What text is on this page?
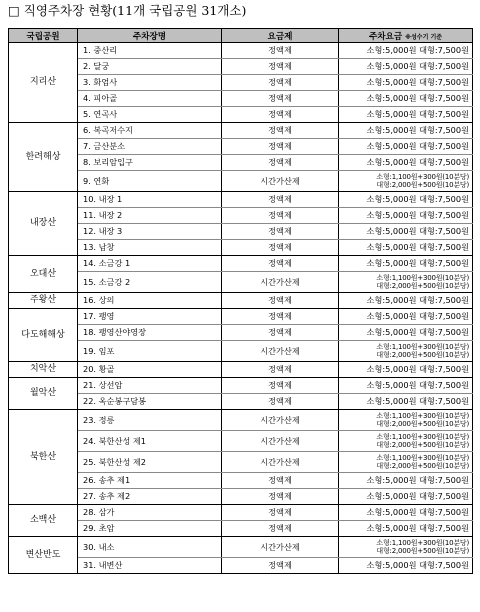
□ 직영주차장 현황(11개 국립공원 31개소)
국립공원	주차장명	요금제	주차요금 ※성수기 기준
지리산	1. 중산리	정액제	소형:5,000원 대형:7,500원
	2. 달궁	정액제	소형:5,000원 대형:7,500원
	3. 화엄사	정액제	소형:5,000원 대형:7,500원
	4. 피아골	정액제	소형:5,000원 대형:7,500원
	5. 연곡사	정액제	소형:5,000원 대형:7,500원
한려해상	6. 복곡저수지	정액제	소형:5,000원 대형:7,500원
	7. 금산분소	정액제	소형:5,000원 대형:7,500원
	8. 보리암입구	정액제	소형:5,000원 대형:7,500원
	9. 연화	시간가산제	소형:1,100원+300원(10분당)
대형:2,000원+500원(10분당)

내장산	10. 내장 1	정액제	소형:5,000원 대형:7,500원
	11. 내장 2	정액제	소형:5,000원 대형:7,500원
	12. 내장 3	정액제	소형:5,000원 대형:7,500원
	13. 남창	정액제	소형:5,000원 대형:7,500원
오대산	14. 소금강 1	정액제	소형:5,000원 대형:7,500원
	15. 소금강 2	시간가산제	소형:1,100원+300원(10분당)
대형:2,000원+500원(10분당)

주왕산	16. 상의	정액제	소형:5,000원 대형:7,500원
다도해해상	17. 팽영	정액제	소형:5,000원 대형:7,500원
	18. 팽영산야영장	정액제	소형:5,000원 대형:7,500원
	19. 임포	시간가산제	소형:1,100원+300원(10분당)
대형:2,000원+500원(10분당)

치악산	20. 황골	정액제	소형:5,000원 대형:7,500원
월악산	21. 상선암	정액제	소형:5,000원 대형:7,500원
	22. 옥순봉구담봉	정액제	소형:5,000원 대형:7,500원
북한산	23. 정릉	시간가산제	소형:1,100원+300원(10분당)
대형:2,000원+500원(10분당)

	24. 북한산성 제1	시간가산제	소형:1,100원+300원(10분당)
대형:2,000원+500원(10분당)

	25. 북한산성 제2	시간가산제	소형:1,100원+300원(10분당)
대형:2,000원+500원(10분당)

	26. 송추 제1	정액제	소형:5,000원 대형:7,500원
	27. 송추 제2	정액제	소형:5,000원 대형:7,500원
소백산	28. 삼가	정액제	소형:5,000원 대형:7,500원
	29. 초암	정액제	소형:5,000원 대형:7,500원
변산반도	30. 내소	시간가산제	소형:1,100원+300원(10분당)
대형:2,000원+500원(10분당)

	31. 내변산	정액제	소형:5,000원 대형:7,500원
